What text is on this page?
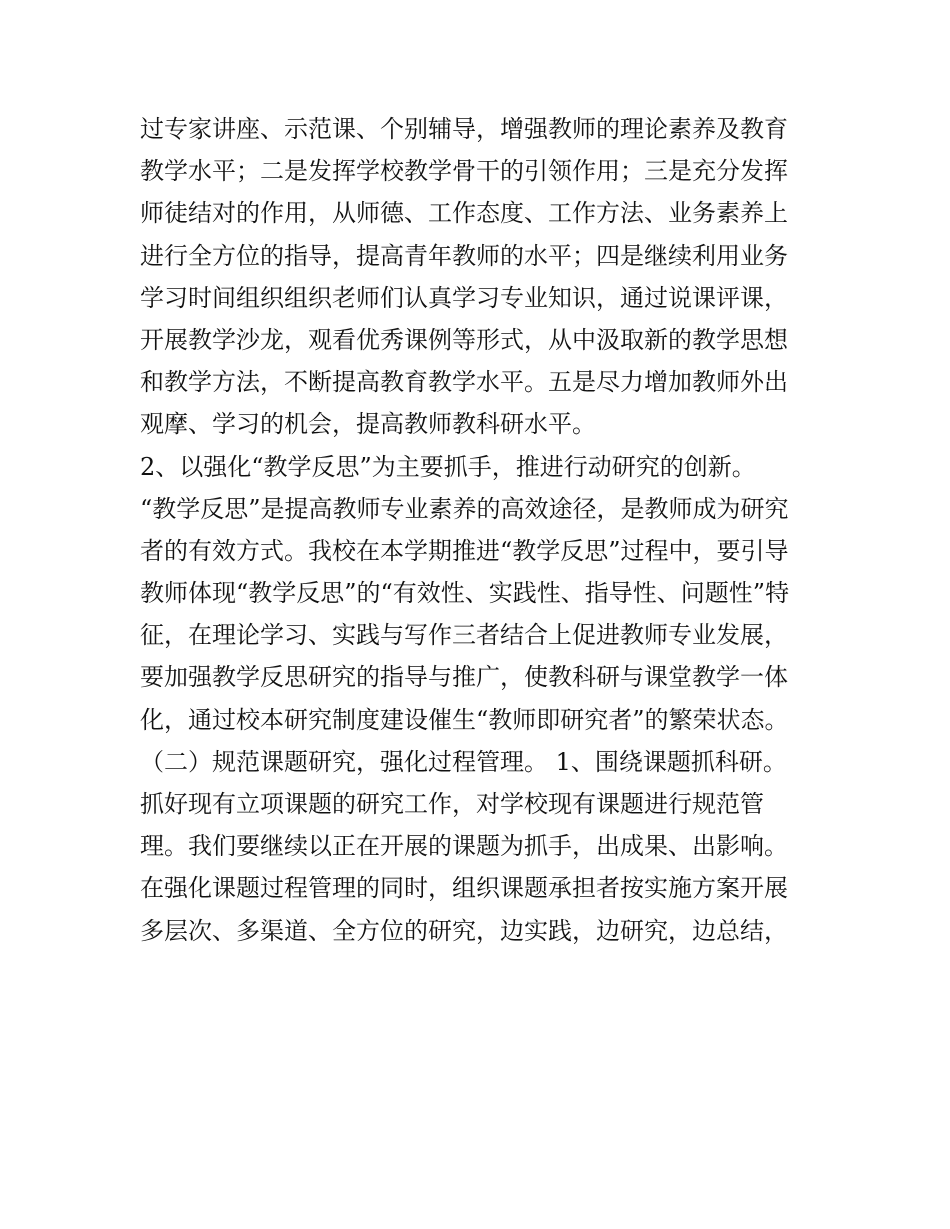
过专家讲座、示范课、个别辅导，增强教师的理论素养及教育
教学水平；二是发挥学校教学骨干的引领作用；三是充分发挥
师徒结对的作用，从师德、工作态度、工作方法、业务素养上
进行全方位的指导，提高青年教师的水平；四是继续利用业务
学习时间组织组织老师们认真学习专业知识，通过说课评课，
开展教学沙龙，观看优秀课例等形式，从中汲取新的教学思想
和教学方法，不断提高教育教学水平。五是尽力增加教师外出
观摩、学习的机会，提高教师教科研水平。
2、以强化“教学反思”为主要抓手，推进行动研究的创新。
“教学反思”是提高教师专业素养的高效途径，是教师成为研究
者的有效方式。我校在本学期推进“教学反思”过程中，要引导
教师体现“教学反思”的“有效性、实践性、指导性、问题性”特
征，在理论学习、实践与写作三者结合上促进教师专业发展，
要加强教学反思研究的指导与推广，使教科研与课堂教学一体
化，通过校本研究制度建设催生“教师即研究者”的繁荣状态。
（二）规范课题研究，强化过程管理。 1、围绕课题抓科研。
抓好现有立项课题的研究工作，对学校现有课题进行规范管
理。我们要继续以正在开展的课题为抓手，出成果、出影响。
在强化课题过程管理的同时，组织课题承担者按实施方案开展
多层次、多渠道、全方位的研究，边实践，边研究，边总结，
